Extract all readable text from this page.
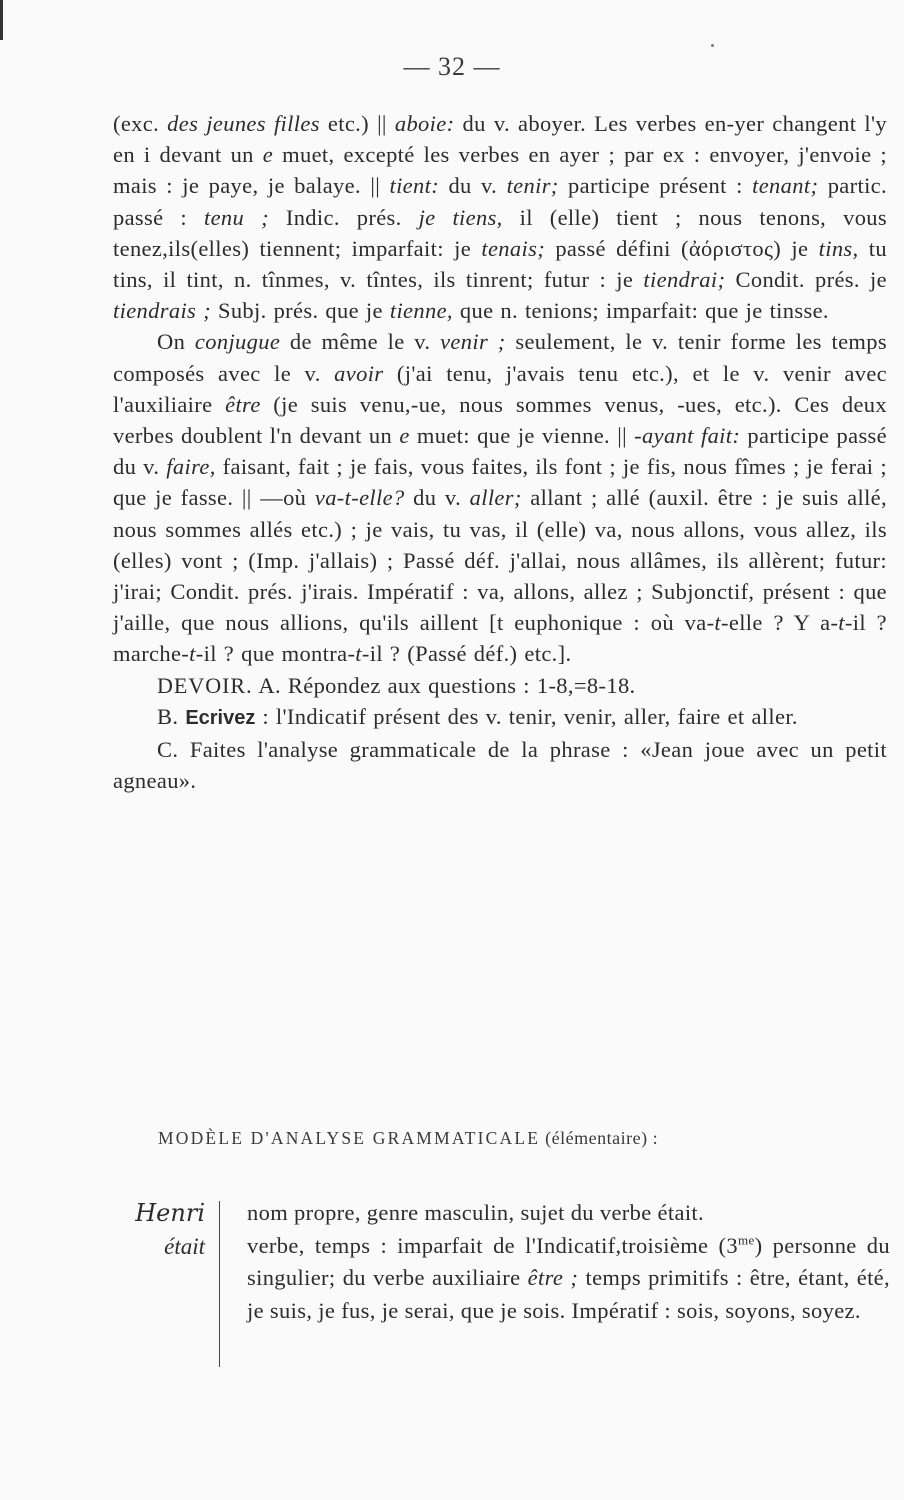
— 32 —

(exc. des jeunes filles etc.) || aboie: du v. aboyer. Les verbes en-yer changent l'y en i devant un e muet, excepté les verbes en ayer ; par ex : envoyer, j'envoie ; mais : je paye, je balaye. || tient: du v. tenir; participe présent : tenant; partic. passé : tenu ; Indic. prés. je tiens, il (elle) tient ; nous tenons, vous tenez,ils(elles) tiennent; imparfait: je tenais; passé défini (ἀόριστος) je tins, tu tins, il tint, n. tînmes, v. tîntes, ils tinrent; futur : je tiendrai; Condit. prés. je tiendrais ; Subj. prés. que je tienne, que n. tenions; imparfait: que je tinsse.

On conjugue de même le v. venir ; seulement, le v. tenir forme les temps composés avec le v. avoir (j'ai tenu, j'avais tenu etc.), et le v. venir avec l'auxiliaire être (je suis venu,-ue, nous sommes venus, -ues, etc.). Ces deux verbes doublent l'n devant un e muet: que je vienne. || -ayant fait: participe passé du v. faire, faisant, fait ; je fais, vous faites, ils font ; je fis, nous fîmes ; je ferai ; que je fasse. || —où va-t-elle? du v. aller; allant ; allé (auxil. être : je suis allé, nous sommes allés etc.) ; je vais, tu vas, il (elle) va, nous allons, vous allez, ils (elles) vont ; (Imp. j'allais) ; Passé déf. j'allai, nous allâmes, ils allèrent; futur: j'irai; Condit. prés. j'irais. Impératif : va, allons, allez ; Subjonctif, présent : que j'aille, que nous allions, qu'ils aillent [t euphonique : où va-t-elle ? Y a-t-il ? marche-t-il ? que montra-t-il ? (Passé déf.) etc.].

DEVOIR. A. Répondez aux questions : 1-8,=8-18.

B. Ecrivez : l'Indicatif présent des v. tenir, venir, aller, faire et aller.

C. Faites l'analyse grammaticale de la phrase : «Jean joue avec un petit agneau».

MODÈLE D'ANALYSE GRAMMATICALE (élémentaire) :
Henri
était

nom propre, genre masculin, sujet du verbe était.

verbe, temps : imparfait de l'Indicatif,troisième $(3^{me})$ personne du singulier; du verbe auxiliaire être ; temps primitifs : être, étant, été, je suis, je fus, je serai, que je sois. Impératif : sois, soyons, soyez.
